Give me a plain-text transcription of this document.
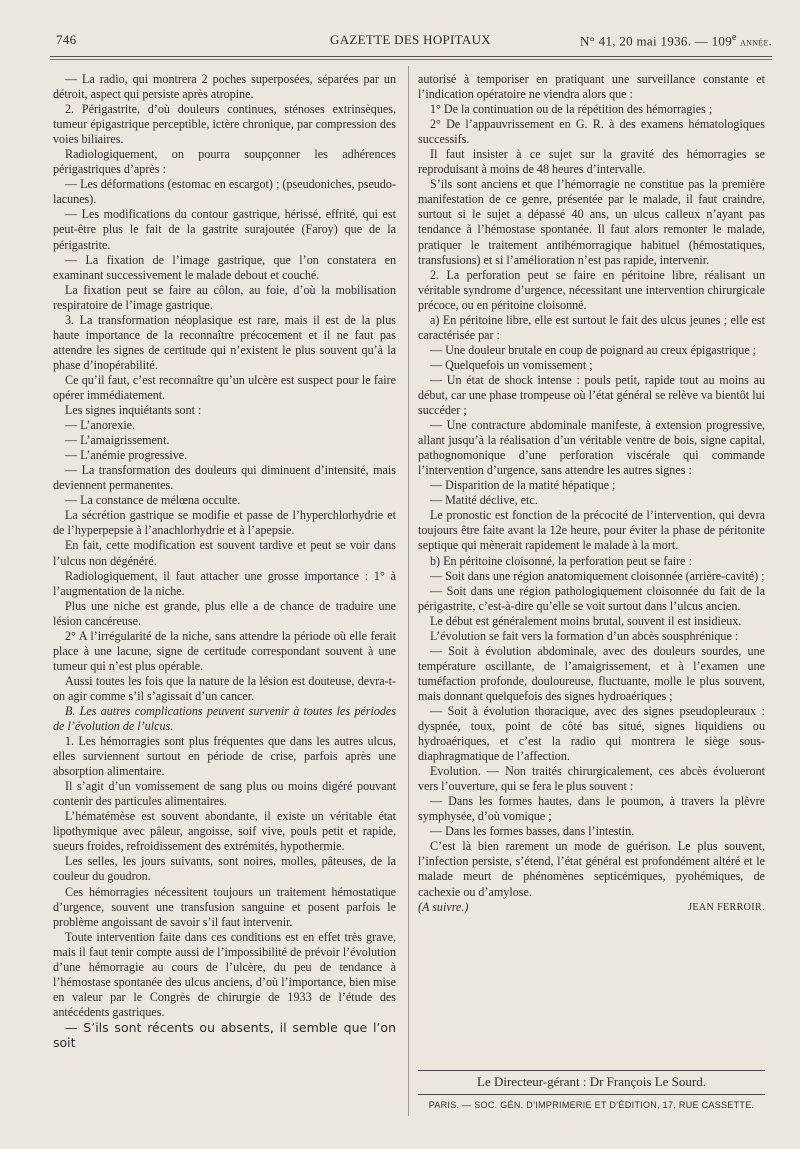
746	GAZETTE DES HOPITAUX	N° 41, 20 mai 1936. — 109e année.

— La radio, qui montrera 2 poches superposées, séparées par un détroit, aspect qui persiste après atropine.

2. Périgastrite, d’où douleurs continues, sténoses extrinsèques, tumeur épigastrique perceptible, ictère chronique, par compression des voies biliaires.

Radiologiquement, on pourra soupçonner les adhérences périgastriques d’après :

— Les déformations (estomac en escargot) ; (pseudoniches, pseudo-lacunes).

— Les modifications du contour gastrique, hérissé, effrité, qui est peut-être plus le fait de la gastrite surajoutée (Faroy) que de la périgastrite.

— La fixation de l’image gastrique, que l’on constatera en examinant successivement le malade debout et couché.

La fixation peut se faire au côlon, au foie, d’où la mobilisation respiratoire de l’image gastrique.

3. La transformation néoplasique est rare, mais il est de la plus haute importance de la reconnaître précocement et il ne faut pas attendre les signes de certitude qui n’existent le plus souvent qu’à la phase d’inopérabilité.

Ce qu’il faut, c’est reconnaître qu’un ulcère est suspect pour le faire opérer immédiatement.

Les signes inquiétants sont :

— L’anorexie.

— L’amaigrissement.

— L’anémie progressive.

— La transformation des douleurs qui diminuent d’intensité, mais deviennent permanentes.

— La constance de mélœna occulte.

La sécrétion gastrique se modifie et passe de l’hyperchlorhydrie et de l’hyperpepsie à l’anachlorhydrie et à l’apepsie.

En fait, cette modification est souvent tardive et peut se voir dans l’ulcus non dégénéré.

Radiologiquement, il faut attacher une grosse importance : 1° à l’augmentation de la niche.

Plus une niche est grande, plus elle a de chance de traduire une lésion cancéreuse.

2° A l’irrégularité de la niche, sans attendre la période où elle ferait place à une lacune, signe de certitude correspondant souvent à une tumeur qui n’est plus opérable.

Aussi toutes les fois que la nature de la lésion est douteuse, devra-t-on agir comme s’il s’agissait d’un cancer.

B. Les autres complications peuvent survenir à toutes les périodes de l’évolution de l’ulcus.

1. Les hémorragies sont plus fréquentes que dans les autres ulcus, elles surviennent surtout en période de crise, parfois après une absorption alimentaire.

Il s’agit d’un vomissement de sang plus ou moins digéré pouvant contenir des particules alimentaires.

L’hématémèse est souvent abondante, il existe un véritable état lipothymique avec pâleur, angoisse, soif vive, pouls petit et rapide, sueurs froides, refroidissement des extrémités, hypothermie.

Les selles, les jours suivants, sont noires, molles, pâteuses, de la couleur du goudron.

Ces hémorragies nécessitent toujours un traitement hémostatique d’urgence, souvent une transfusion sanguine et posent parfois le problème angoissant de savoir s’il faut intervenir.

Toute intervention faite dans ces conditions est en effet très grave, mais il faut tenir compte aussi de l’impossibilité de prévoir l’évolution d’une hémorragie au cours de l’ulcère, du peu de tendance à l’hémostase spontanée des ulcus anciens, d’où l’importance, bien mise en valeur par le Congrès de chirurgie de 1933 de l’étude des antécédents gastriques.

— S’ils sont récents ou absents, il semble que l’on soit

autorisé à temporiser en pratiquant une surveillance constante et l’indication opératoire ne viendra alors que :

1° De la continuation ou de la répétition des hémorragies ;

2° De l’appauvrissement en G. R. à des examens hématologiques successifs.

Il faut insister à ce sujet sur la gravité des hémorragies se reproduisant à moins de 48 heures d’intervalle.

S’ils sont anciens et que l’hémorragie ne constitue pas la première manifestation de ce genre, présentée par le malade, il faut craindre, surtout si le sujet a dépassé 40 ans, un ulcus calleux n’ayant pas tendance à l’hémostase spontanée. Il faut alors remonter le malade, pratiquer le traitement antihémorragique habituel (hémostatiques, transfusions) et si l’amélioration n’est pas rapide, intervenir.

2. La perforation peut se faire en péritoine libre, réalisant un véritable syndrome d’urgence, nécessitant une intervention chirurgicale précoce, ou en péritoine cloisonné.

a) En péritoine libre, elle est surtout le fait des ulcus jeunes ; elle est caractérisée par :

— Une douleur brutale en coup de poignard au creux épigastrique ;

— Quelquefois un vomissement ;

— Un état de shock intense : pouls petit, rapide tout au moins au début, car une phase trompeuse où l’état général se relève va bientôt lui succéder ;

— Une contracture abdominale manifeste, à extension progressive, allant jusqu’à la réalisation d’un véritable ventre de bois, signe capital, pathognomonique d’une perforation viscérale qui commande l’intervention d’urgence, sans attendre les autres signes :

— Disparition de la matité hépatique ;

— Matité déclive, etc.

Le pronostic est fonction de la précocité de l’intervention, qui devra toujours être faite avant la 12e heure, pour éviter la phase de péritonite septique qui mènerait rapidement le malade à la mort.

b) En péritoine cloisonné, la perforation peut se faire :

— Soit dans une région anatomiquement cloisonnée (arrière-cavité) ;

— Soit dans une région pathologiquement cloisonnée du fait de la périgastrite, c’est-à-dire qu’elle se voit surtout dans l’ulcus ancien.

Le début est généralement moins brutal, souvent il est insidieux.

L’évolution se fait vers la formation d’un abcès sousphrénique :

— Soit à évolution abdominale, avec des douleurs sourdes, une température oscillante, de l’amaigrissement, et à l’examen une tuméfaction profonde, douloureuse, fluctuante, molle le plus souvent, mais donnant quelquefois des signes hydroaériques ;

— Soit à évolution thoracique, avec des signes pseudopleuraux : dyspnée, toux, point de côté bas situé, signes liquidiens ou hydroaériques, et c’est la radio qui montrera le siège sous-diaphragmatique de l’affection.

Evolution. — Non traités chirurgicalement, ces abcès évolueront vers l’ouverture, qui se fera le plus souvent :

— Dans les formes hautes, dans le poumon, à travers la plèvre symphysée, d’où vomique ;

— Dans les formes basses, dans l’intestin.

C’est là bien rarement un mode de guérison. Le plus souvent, l’infection persiste, s’étend, l’état général est profondément altéré et le malade meurt de phénomènes septicémiques, pyohémiques, de cachexie ou d’amylose.

(A suivre.)	JEAN FERROIR.

Le Directeur-gérant : Dr François Le Sourd.
PARIS. — SOC. GÉN. D’IMPRIMERIE ET D’ÉDITION, 17, RUE CASSETTE.
